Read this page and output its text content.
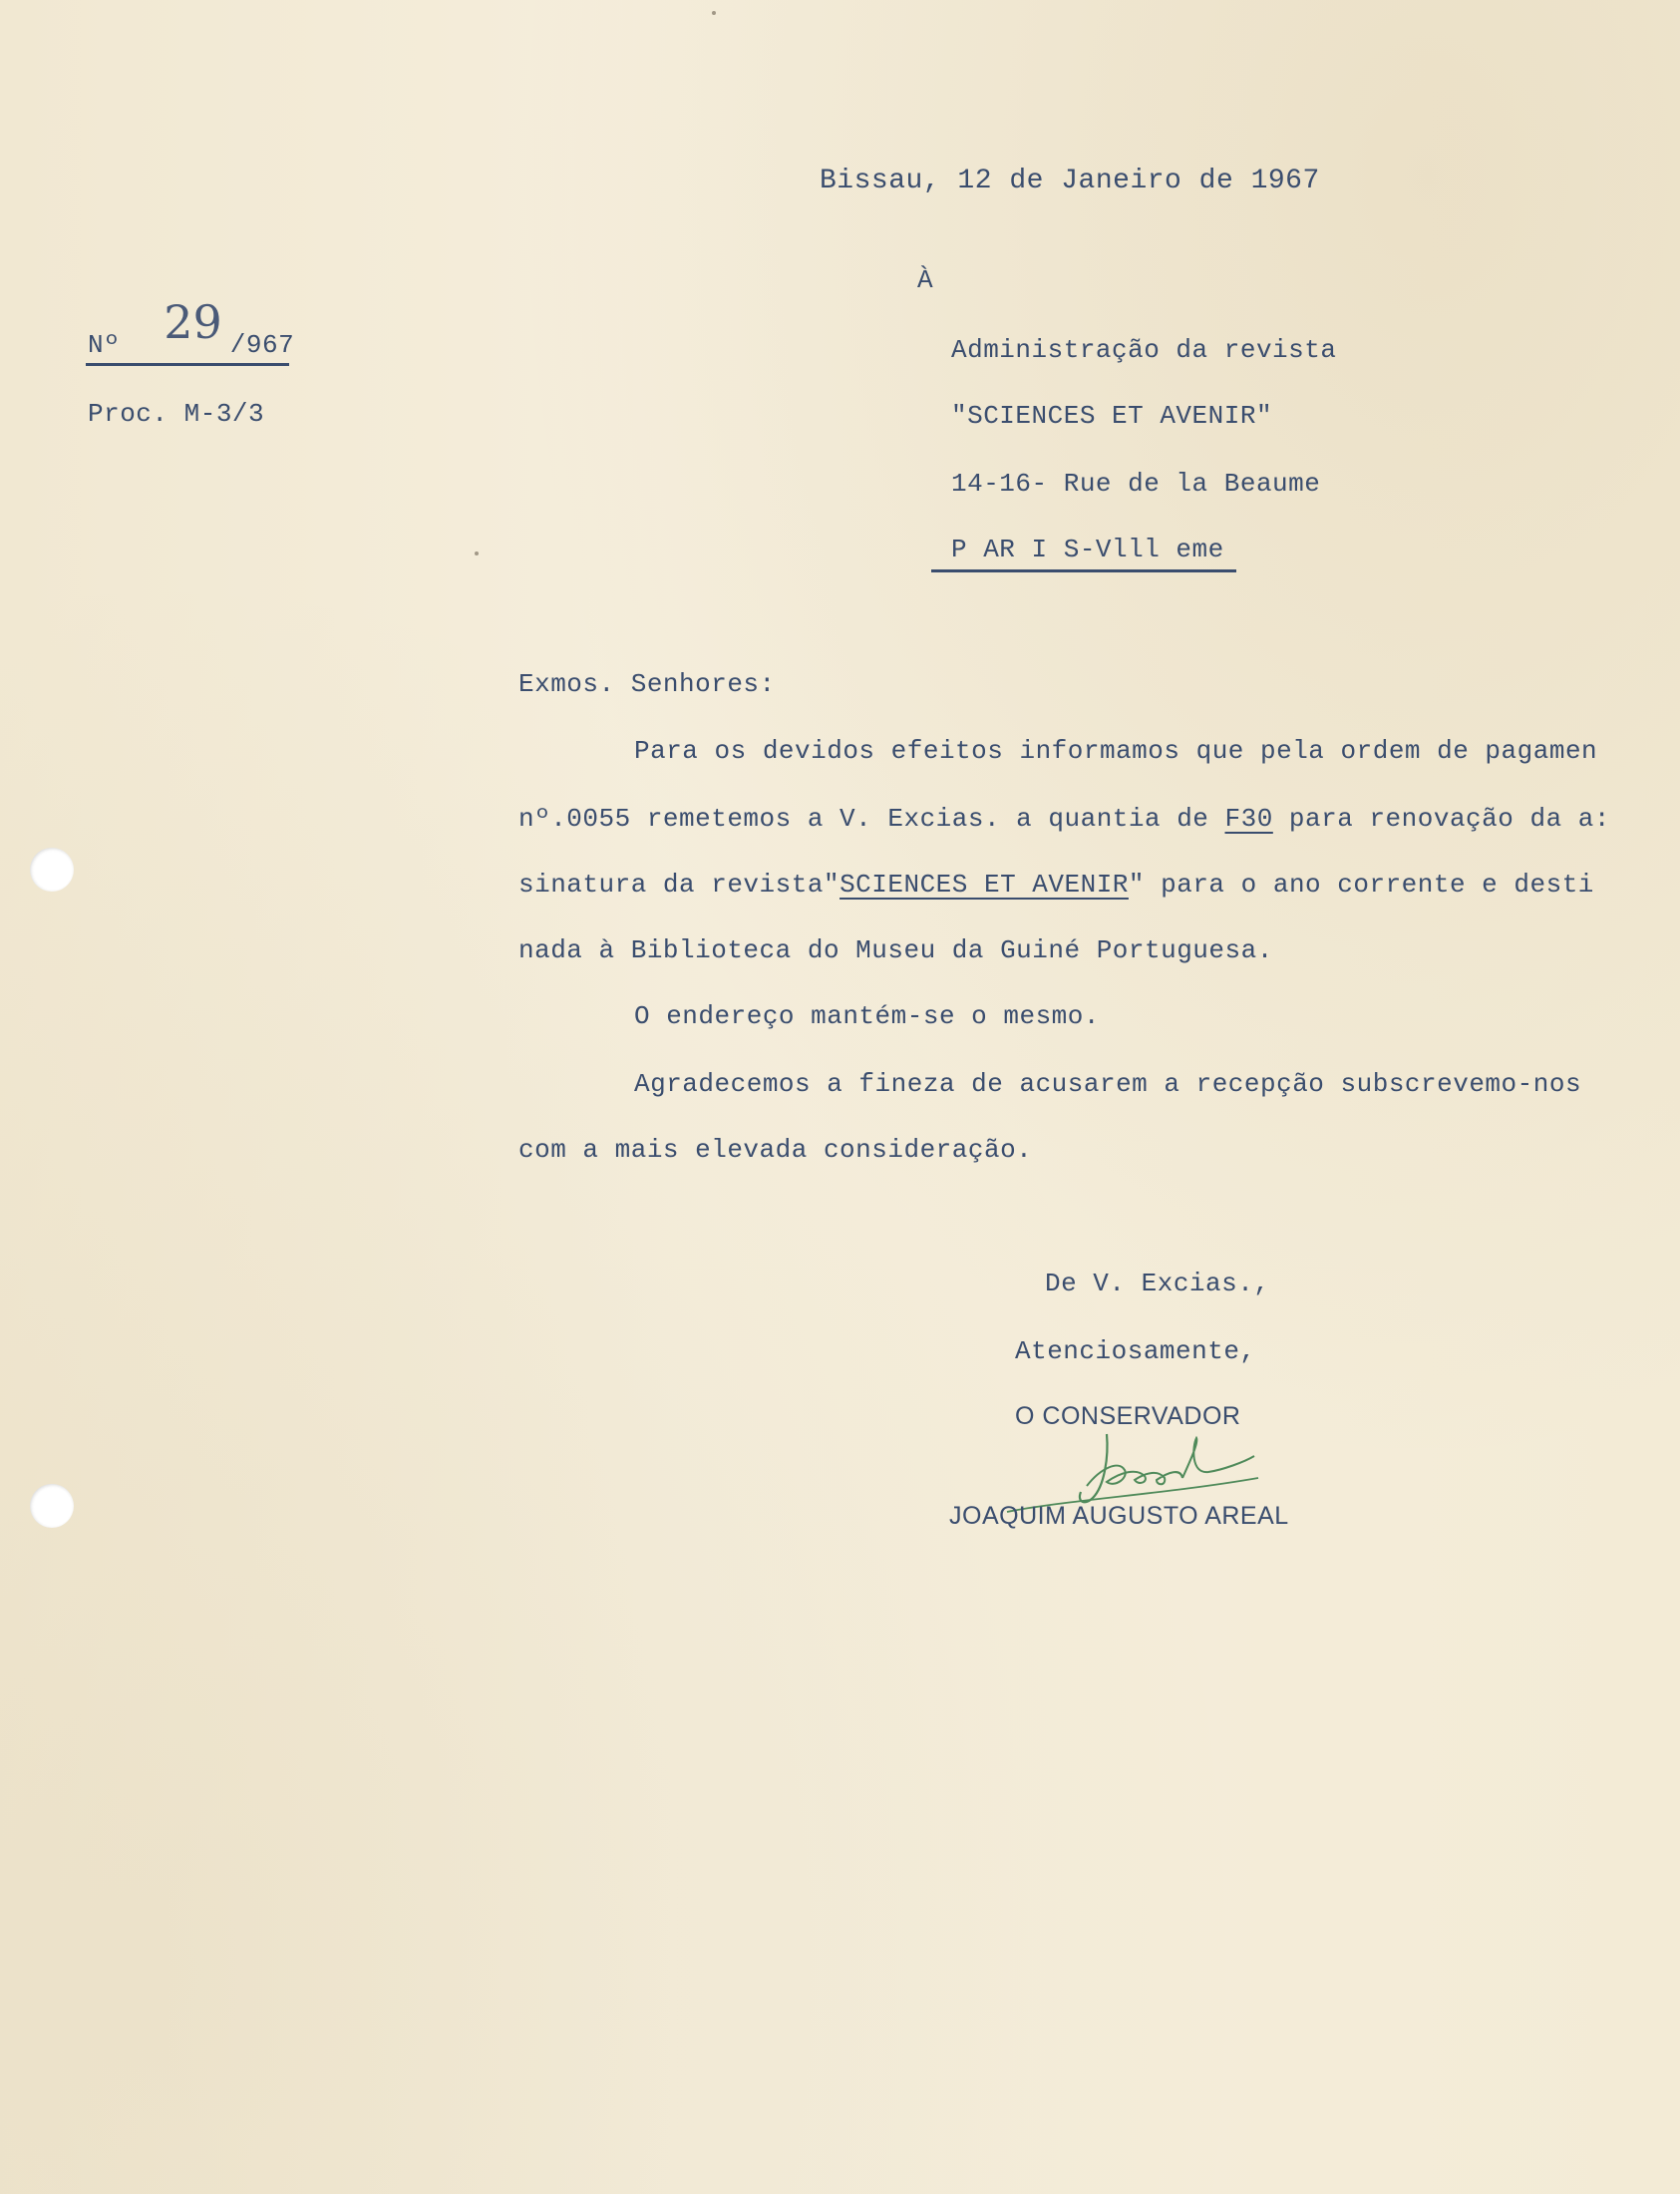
Bissau, 12 de Janeiro de 1967
Nº 29 /967
Proc. M-3/3
À
Administração da revista
"SCIENCES ET AVENIR"
14-16- Rue de la Beaume
P AR I S-Vlll eme
Exmos. Senhores:
Para os devidos efeitos informamos que pela ordem de pagamen
nº.0055 remetemos a V. Excias. a quantia de F30 para renovação da a:
sinatura da revista"SCIENCES ET AVENIR" para o ano corrente e desti
nada à Biblioteca do Museu da Guiné Portuguesa.
O endereço mantém-se o mesmo.
Agradecemos a fineza de acusarem a recepção subscrevemo-nos
com a mais elevada consideração.
De V. Excias.,
Atenciosamente,
O CONSERVADOR
JOAQUIM AUGUSTO AREAL
